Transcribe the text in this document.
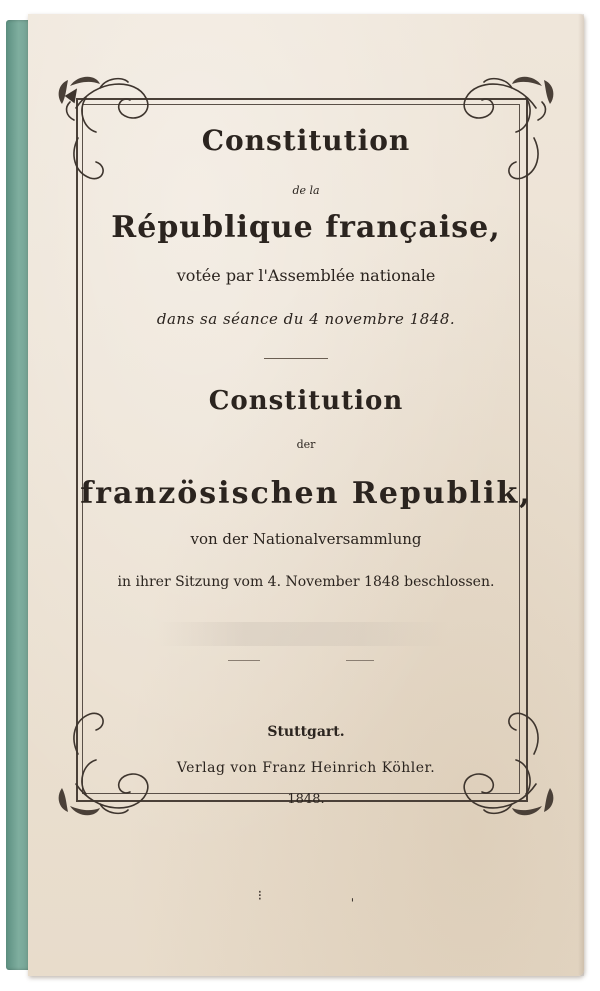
Constitution
de la
République française,
votée par l'Assemblée nationale
dans sa séance du 4 novembre 1848.
Constitution
der
französischen Republik,
von der Nationalversammlung
in ihrer Sitzung vom 4. November 1848 beschlossen.
Stuttgart.
Verlag von Franz Heinrich Köhler.
1848.
⁝	ˌ
